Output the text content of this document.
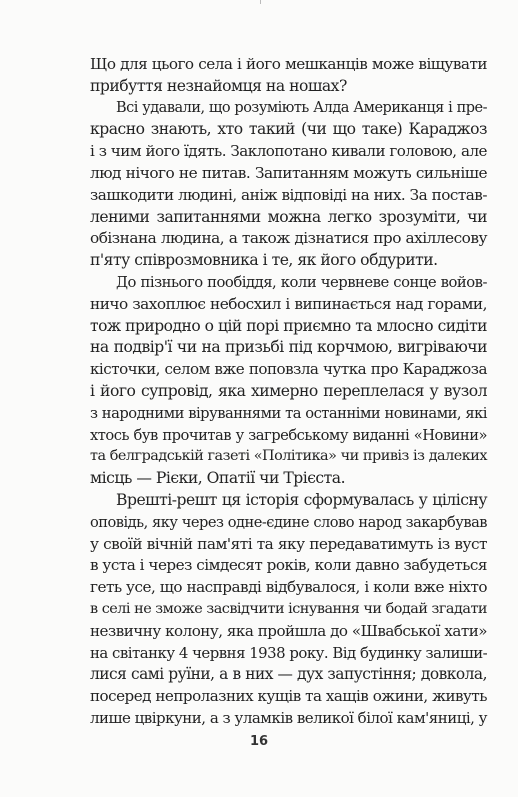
Що для цього села і його мешканців може віщувати
прибуття незнайомця на ношах?
Всі удавали, що розуміють Алда Американця і пре-
красно знають, хто такий (чи що таке) Караджоз
і з чим його їдять. Заклопотано кивали головою, але
люд нічого не питав. Запитанням можуть сильніше
зашкодити людині, аніж відповіді на них. За постав-
леними запитаннями можна легко зрозуміти, чи
обізнана людина, а також дізнатися про ахіллесову
п'яту співрозмовника і те, як його обдурити.
До пізнього пообіддя, коли червневе сонце войов-
ничо захоплює небосхил і випинається над горами,
тож природно о цій порі приємно та млосно сидіти
на подвір'ї чи на призьбі під корчмою, вигріваючи
кісточки, селом вже поповзла чутка про Караджоза
і його супровід, яка химерно переплелася у вузол
з народними віруваннями та останніми новинами, які
хтось був прочитав у загребському виданні «Новини»
та белградській газеті «Політика» чи привіз із далеких
місць — Рієки, Опатії чи Трієста.
Врешті-решт ця історія сформувалась у цілісну
оповідь, яку через одне-єдине слово народ закарбував
у своїй вічній пам'яті та яку передаватимуть із вуст
в уста і через сімдесят років, коли давно забудеться
геть усе, що насправді відбувалося, і коли вже ніхто
в селі не зможе засвідчити існування чи бодай згадати
незвичну колону, яка пройшла до «Швабської хати»
на світанку 4 червня 1938 року. Від будинку залиши-
лися самі руїни, а в них — дух запустіння; довкола,
посеред непролазних кущів та хащів ожини, живуть
лише цвіркуни, а з уламків великої білої кам'яниці, у
16
